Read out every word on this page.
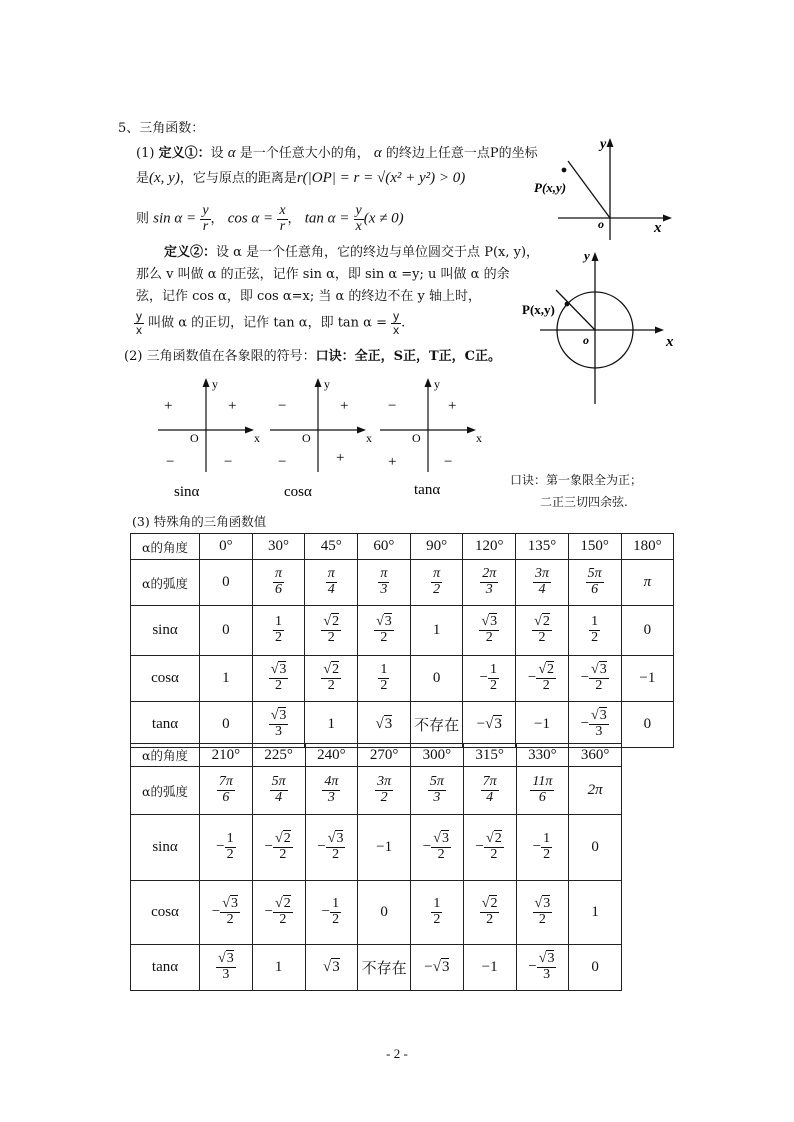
5、三角函数：
(1) 定义①：设 α 是一个任意大小的角， α 的终边上任意一点P的坐标
是(x, y)，它与原点的距离是r(|OP| = r = √(x² + y²) > 0)
则 $\sin \alpha = \frac{y}{r}$ ， $\cos \alpha = \frac{x}{r}$ ， $\tan \alpha = \frac{y}{x} (x \ne 0)$
定义②：设 α 是一个任意角，它的终边与单位圆交于点 P(x, y)，
那么 v 叫做 α 的正弦，记作 sin α，即 sin α =y; u 叫做 α 的余
弦，记作 cos α，即 cos α=x; 当 α 的终边不在 y 轴上时，
$\frac{y}{x}$ 叫做 α 的正切，记作 tan α，即 $\tan \alpha = \frac{y}{x}$ .
(2) 三角函数值在各象限的符号：口诀：全正，S正，T正，C正。
y
x
o
P(x,y)
y
x
o
P(x,y)
y
x
O
+
+
−	−
sinα
y
x
O
+
−
−	+
cosα
y
x
O
+
−
+	−
tanα
口诀：第一象限全为正；
二正三切四余弦.
(3) 特殊角的三角函数值
α的角度	0°	30°	45°	60°	90°	120°	135°	150°	180°
α的弧度	0	$\frac{\pi}{6}$	$\frac{\pi}{4}$	$\frac{\pi}{3}$	$\frac{\pi}{2}$	$\frac{2\pi}{3}$	$\frac{3\pi}{4}$	$\frac{5\pi}{6}$	π
sinα	0	$\frac{1}{2}$	$\frac{√2}{2}$	$\frac{√3}{2}$	1	$\frac{√3}{2}$	$\frac{√2}{2}$	$\frac{1}{2}$	0
cosα	1	$\frac{√3}{2}$	$\frac{√2}{2}$	$\frac{1}{2}$	0	− $\frac{1}{2}$	− $\frac{√2}{2}$	− $\frac{√3}{2}$	−1
tanα	0	$\frac{√3}{3}$	1	√3	不存在	−√3	−1	− $\frac{√3}{3}$	0
α的角度	210°	225°	240°	270°	300°	315°	330°	360°
α的弧度	$\frac{7\pi}{6}$	$\frac{5\pi}{4}$	$\frac{4\pi}{3}$	$\frac{3\pi}{2}$	$\frac{5\pi}{3}$	$\frac{7\pi}{4}$	$\frac{11\pi}{6}$	2π
sinα	− $\frac{1}{2}$	− $\frac{√2}{2}$	− $\frac{√3}{2}$	−1	− $\frac{√3}{2}$	− $\frac{√2}{2}$	− $\frac{1}{2}$	0
cosα	− $\frac{√3}{2}$	− $\frac{√2}{2}$	− $\frac{1}{2}$	0	$\frac{1}{2}$	$\frac{√2}{2}$	$\frac{√3}{2}$	1
tanα	$\frac{√3}{3}$	1	√3	不存在	−√3	−1	− $\frac{√3}{3}$	0
- 2 -
